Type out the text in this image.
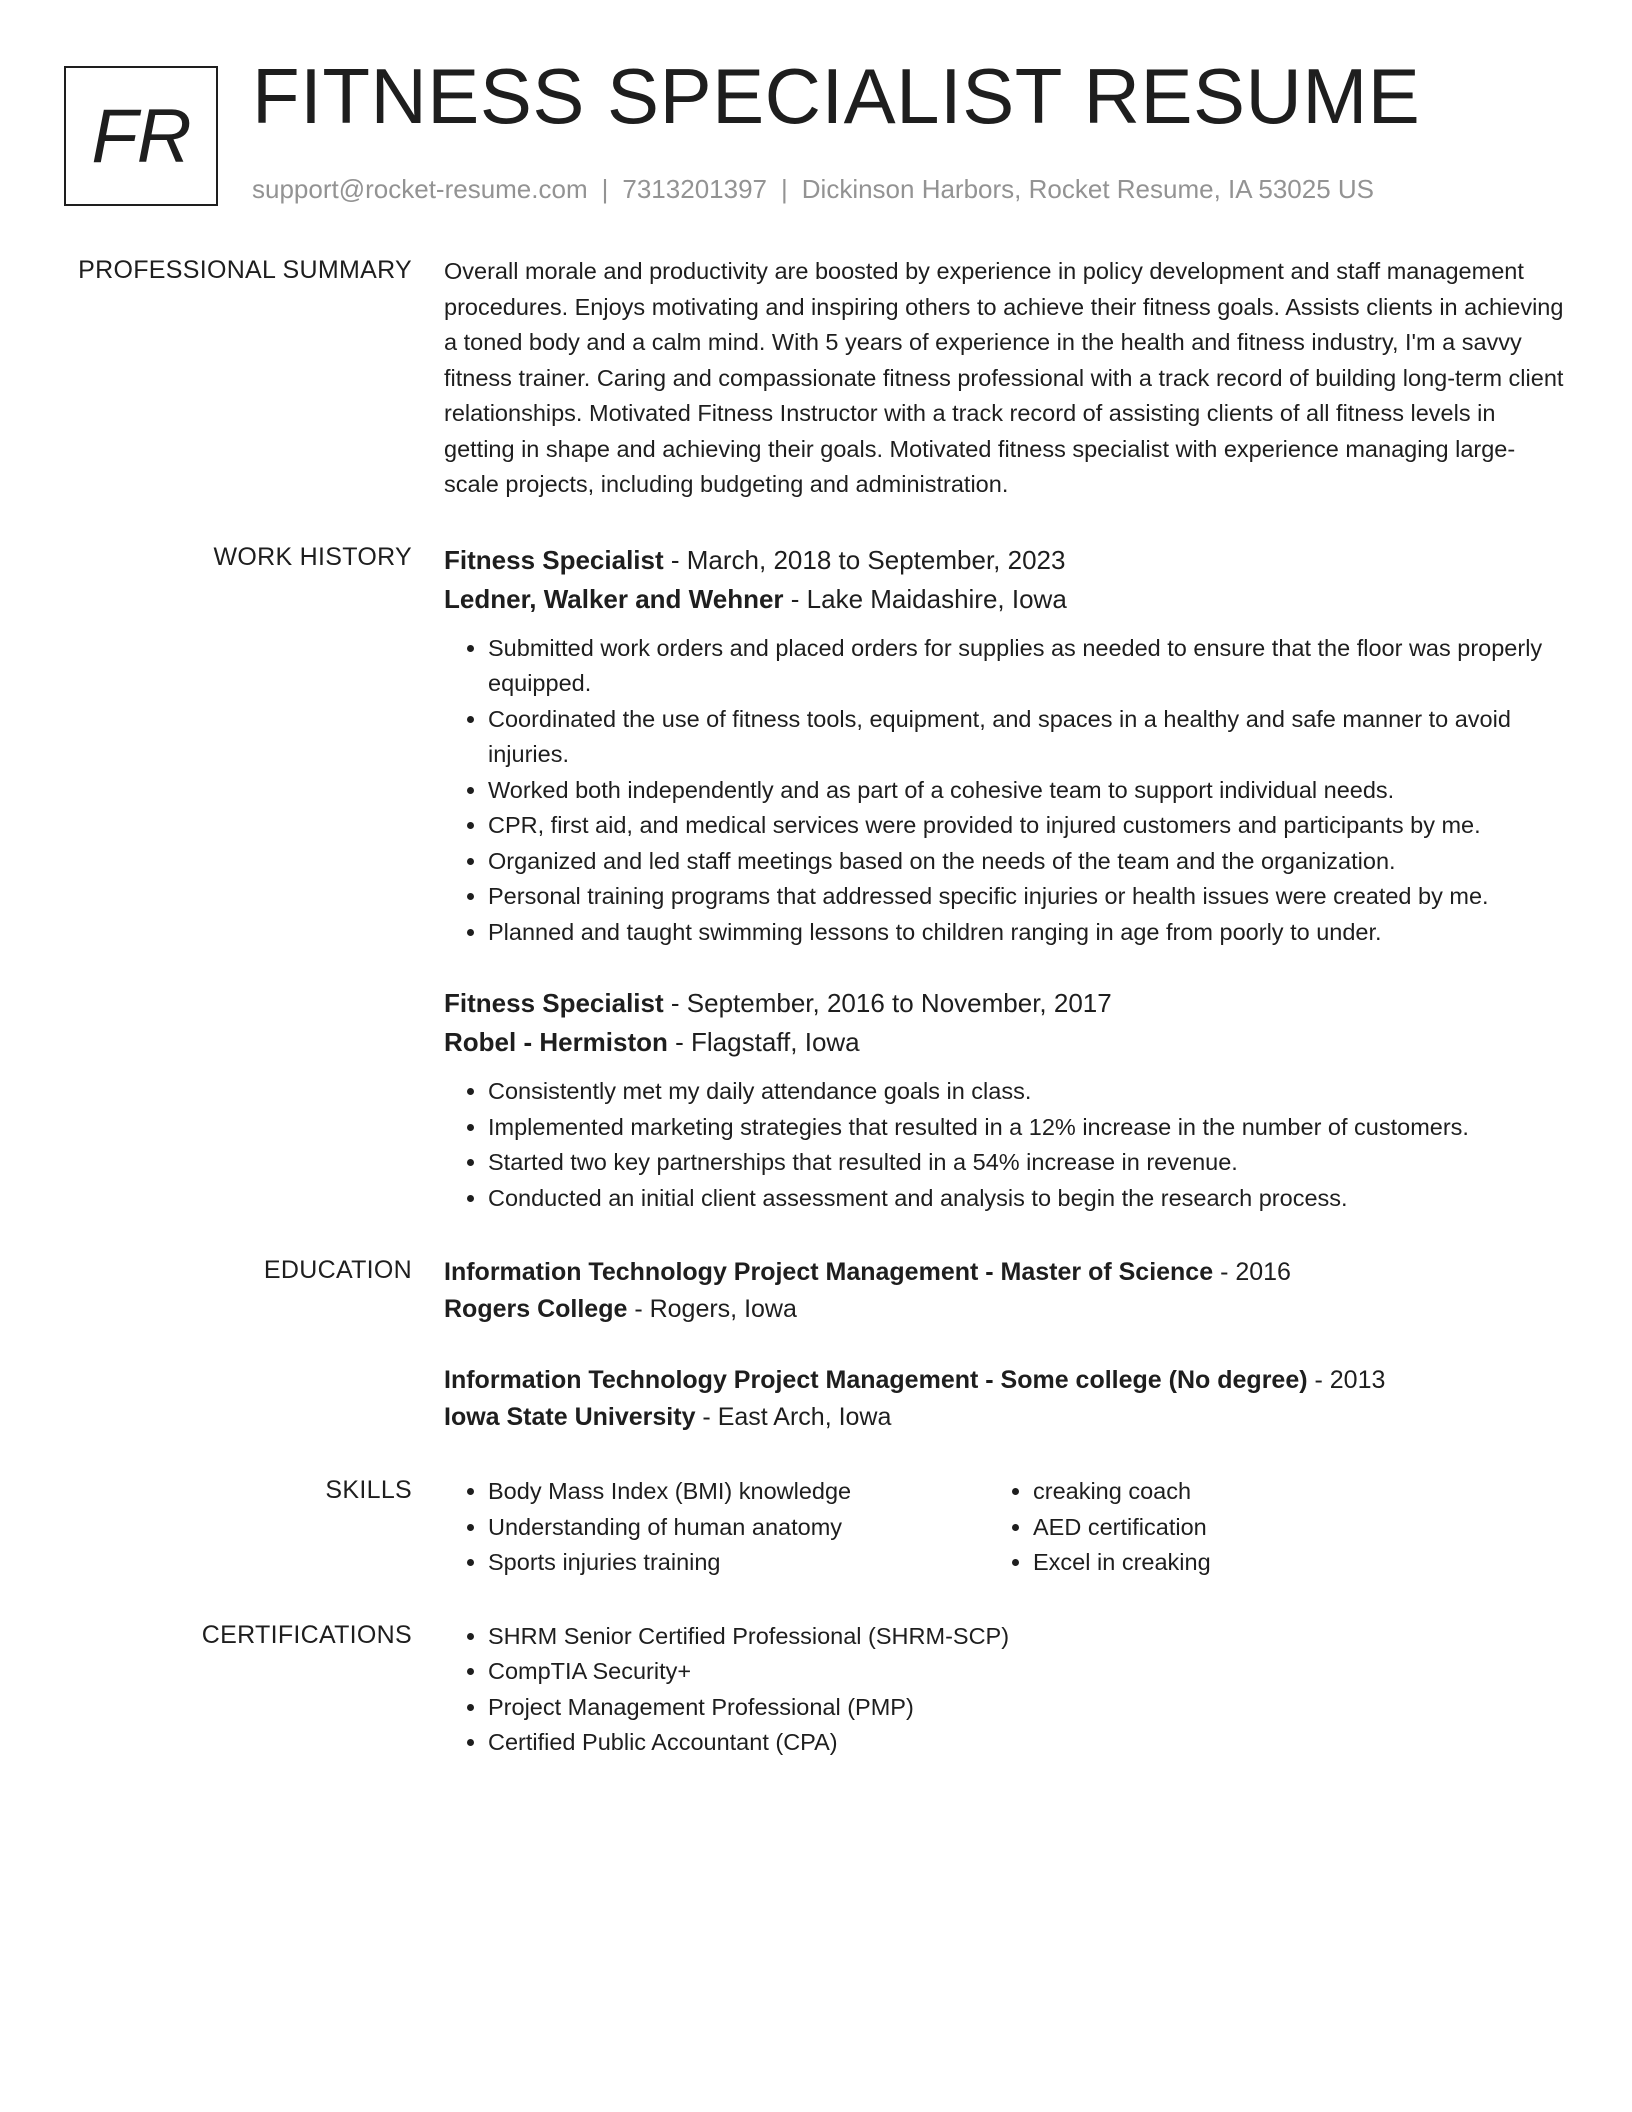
FR FITNESS SPECIALIST RESUME
support@rocket-resume.com | 7313201397 | Dickinson Harbors, Rocket Resume, IA 53025 US
PROFESSIONAL SUMMARY Overall morale and productivity are boosted by experience in policy development and staff management procedures. Enjoys motivating and inspiring others to achieve their fitness goals. Assists clients in achieving a toned body and a calm mind. With 5 years of experience in the health and fitness industry, I'm a savvy fitness trainer. Caring and compassionate fitness professional with a track record of building long-term client relationships. Motivated Fitness Instructor with a track record of assisting clients of all fitness levels in getting in shape and achieving their goals. Motivated fitness specialist with experience managing large-scale projects, including budgeting and administration.

WORK HISTORY Fitness Specialist - March, 2018 to September, 2023
Ledner, Walker and Wehner - Lake Maidashire, Iowa
• Submitted work orders and placed orders for supplies as needed to ensure that the floor was properly equipped.
• Coordinated the use of fitness tools, equipment, and spaces in a healthy and safe manner to avoid injuries.
• Worked both independently and as part of a cohesive team to support individual needs.
• CPR, first aid, and medical services were provided to injured customers and participants by me.
• Organized and led staff meetings based on the needs of the team and the organization.
• Personal training programs that addressed specific injuries or health issues were created by me.
• Planned and taught swimming lessons to children ranging in age from poorly to under.
Fitness Specialist - September, 2016 to November, 2017
Robel - Hermiston - Flagstaff, Iowa
• Consistently met my daily attendance goals in class.
• Implemented marketing strategies that resulted in a 12% increase in the number of customers.
• Started two key partnerships that resulted in a 54% increase in revenue.
• Conducted an initial client assessment and analysis to begin the research process.
EDUCATION Information Technology Project Management - Master of Science - 2016
Rogers College - Rogers, Iowa
Information Technology Project Management - Some college (No degree) - 2013
Iowa State University - East Arch, Iowa
SKILLS	• Body Mass Index (BMI) knowledge
• Understanding of human anatomy
• Sports injuries training
• creaking coach
• AED certification
• Excel in creaking
CERTIFICATIONS	• SHRM Senior Certified Professional (SHRM-SCP)
• CompTIA Security+
• Project Management Professional (PMP)
• Certified Public Accountant (CPA)
